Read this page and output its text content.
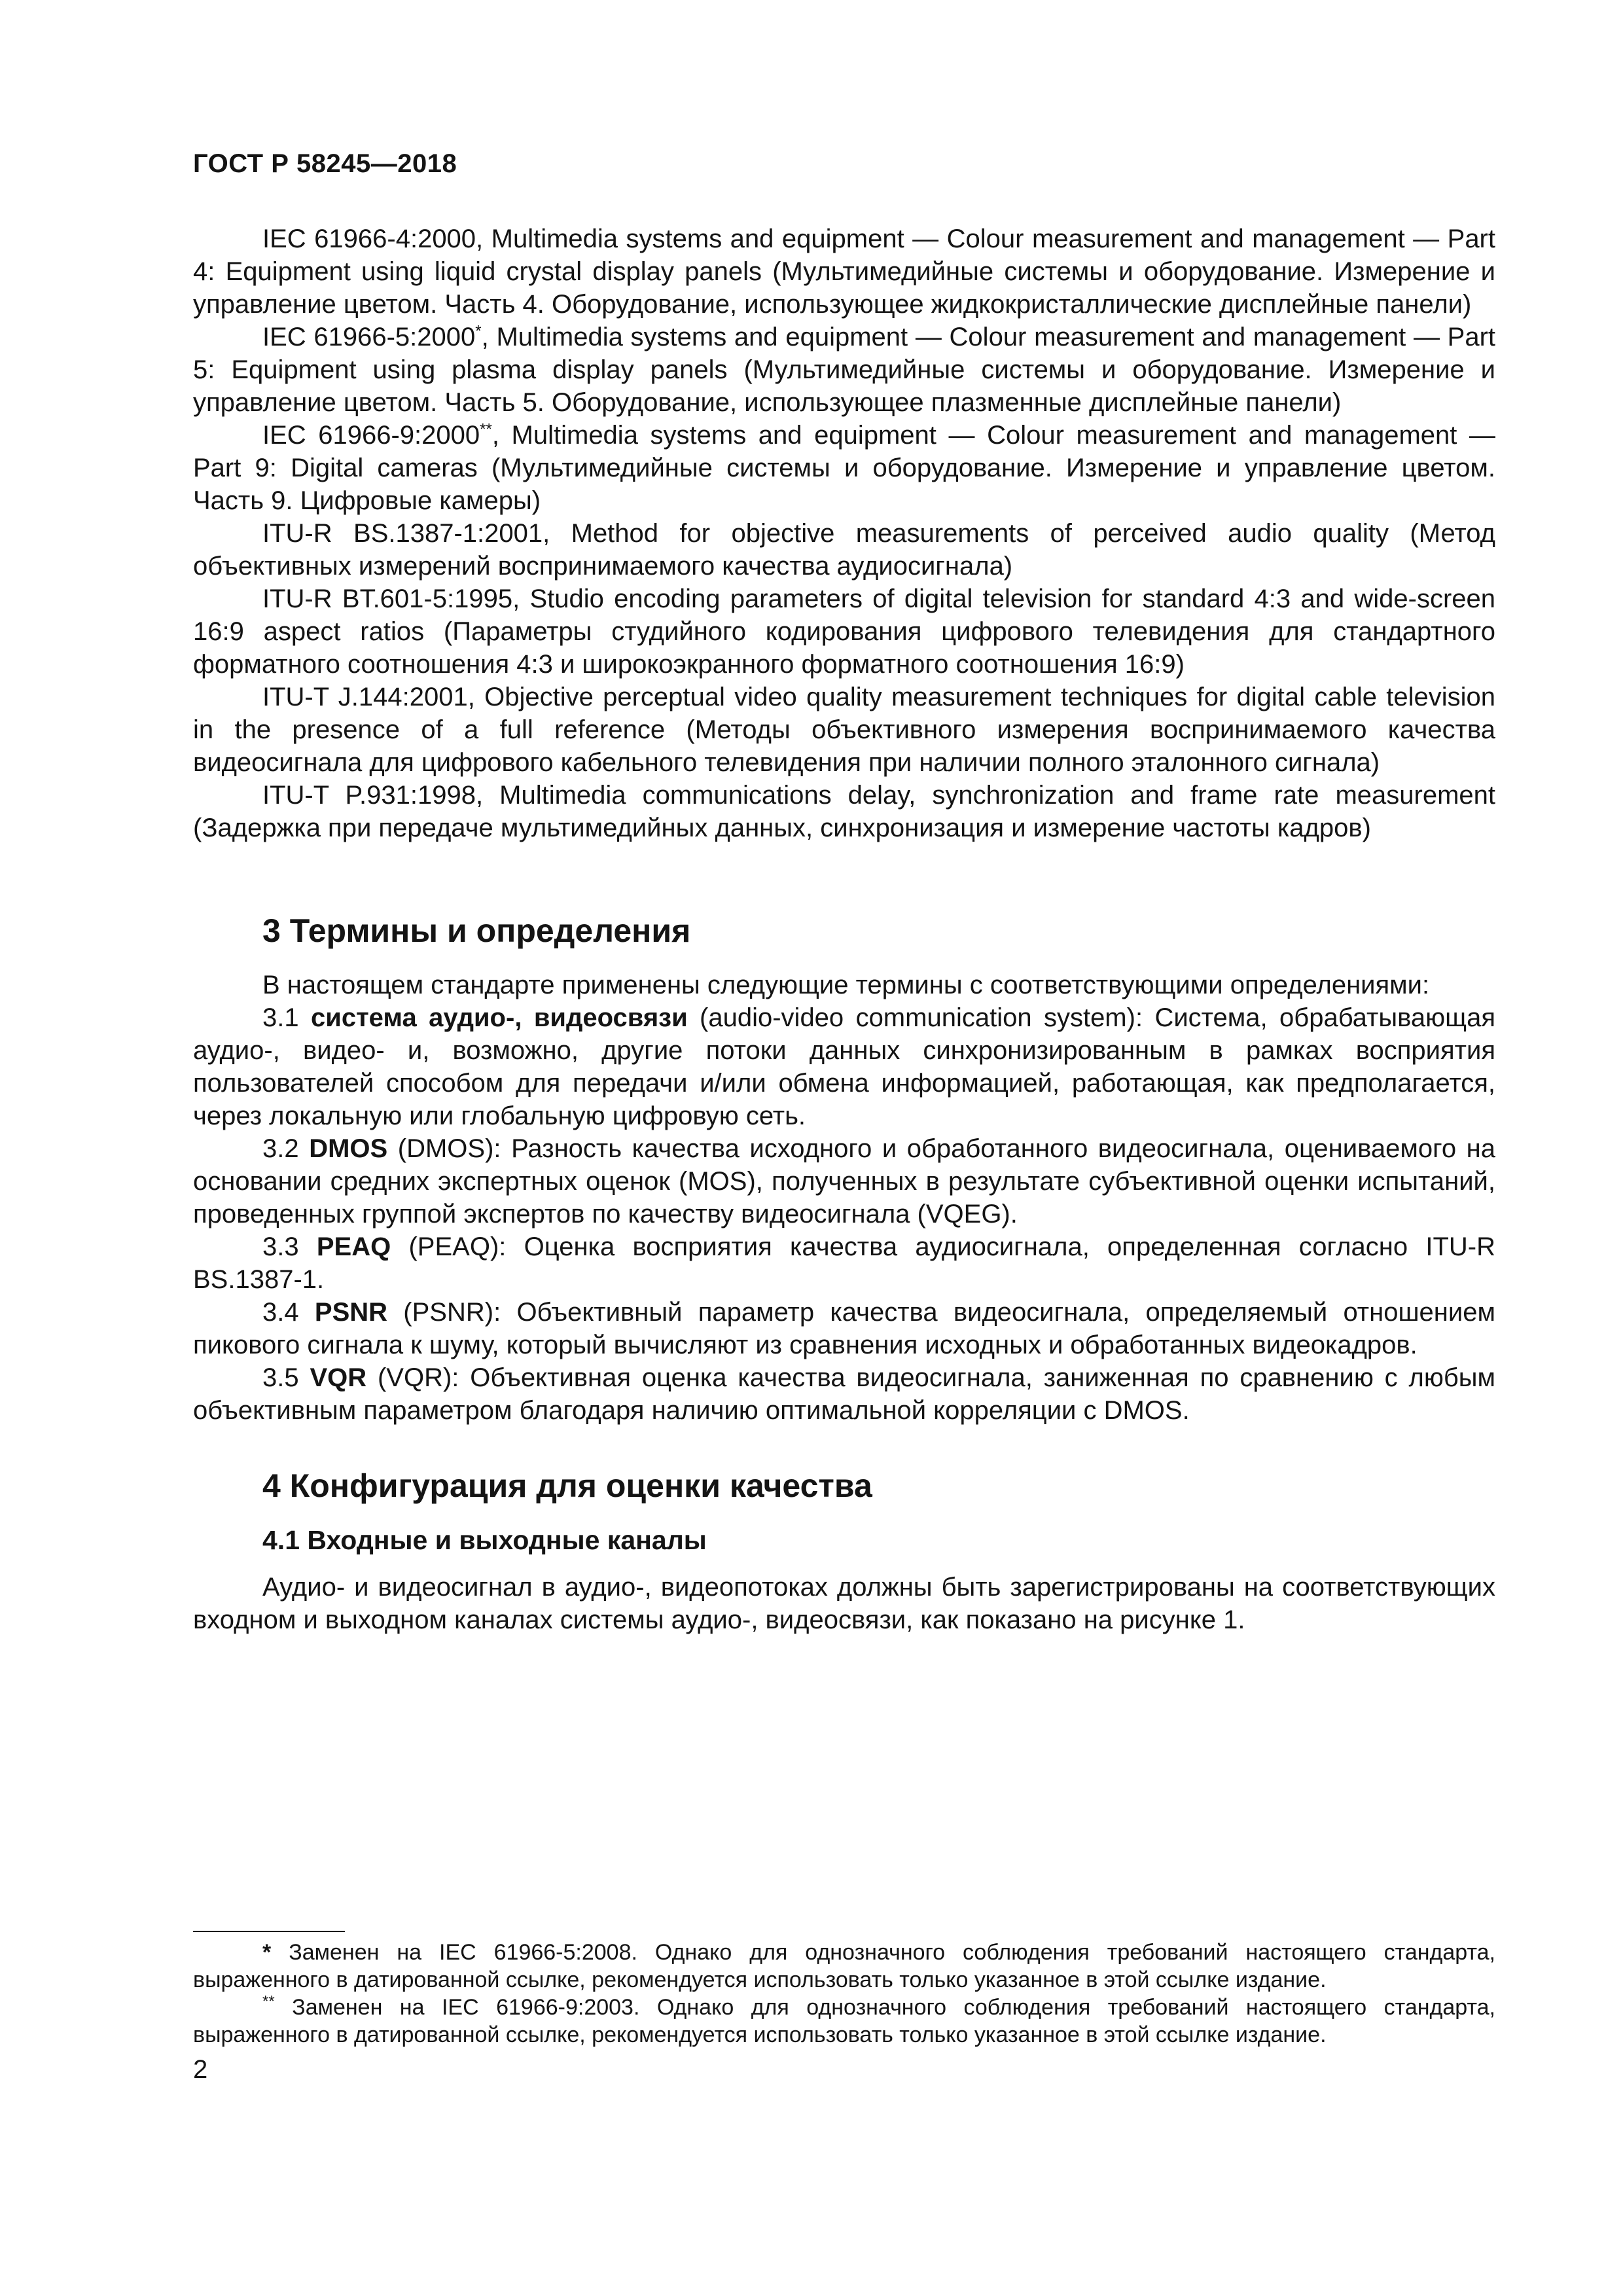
ГОСТ Р 58245—2018

IEC 61966-4:2000, Multimedia systems and equipment — Colour measurement and management — Part 4: Equipment using liquid crystal display panels (Мультимедийные системы и оборудование. Измерение и управление цветом. Часть 4. Оборудование, использующее жидкокристаллические дисплейные панели)

IEC 61966-5:2000*, Multimedia systems and equipment — Colour measurement and management — Part 5: Equipment using plasma display panels (Мультимедийные системы и оборудование. Измерение и управление цветом. Часть 5. Оборудование, использующее плазменные дисплейные панели)

IEC 61966-9:2000**, Multimedia systems and equipment — Colour measurement and management — Part 9: Digital cameras (Мультимедийные системы и оборудование. Измерение и управление цветом. Часть 9. Цифровые камеры)

ITU-R BS.1387-1:2001, Method for objective measurements of perceived audio quality (Метод объективных измерений воспринимаемого качества аудиосигнала)

ITU-R BT.601-5:1995, Studio encoding parameters of digital television for standard 4:3 and wide-screen 16:9 aspect ratios (Параметры студийного кодирования цифрового телевидения для стандартного форматного соотношения 4:3 и широкоэкранного форматного соотношения 16:9)

ITU-T J.144:2001, Objective perceptual video quality measurement techniques for digital cable television in the presence of a full reference (Методы объективного измерения воспринимаемого качества видеосигнала для цифрового кабельного телевидения при наличии полного эталонного сигнала)

ITU-T P.931:1998, Multimedia communications delay, synchronization and frame rate measurement (Задержка при передаче мультимедийных данных, синхронизация и измерение частоты кадров)

3 Термины и определения

В настоящем стандарте применены следующие термины с соответствующими определениями:

3.1 система аудио-, видеосвязи (audio-video communication system): Система, обрабатывающая аудио-, видео- и, возможно, другие потоки данных синхронизированным в рамках восприятия пользователей способом для передачи и/или обмена информацией, работающая, как предполагается, через локальную или глобальную цифровую сеть.

3.2 DMOS (DMOS): Разность качества исходного и обработанного видеосигнала, оцениваемого на основании средних экспертных оценок (MOS), полученных в результате субъективной оценки испытаний, проведенных группой экспертов по качеству видеосигнала (VQEG).

3.3 PEAQ (PEAQ): Оценка восприятия качества аудиосигнала, определенная согласно ITU-R BS.1387-1.

3.4 PSNR (PSNR): Объективный параметр качества видеосигнала, определяемый отношением пикового сигнала к шуму, который вычисляют из сравнения исходных и обработанных видеокадров.

3.5 VQR (VQR): Объективная оценка качества видеосигнала, заниженная по сравнению с любым объективным параметром благодаря наличию оптимальной корреляции с DMOS.

4 Конфигурация для оценки качества
4.1 Входные и выходные каналы

Аудио- и видеосигнал в аудио-, видеопотоках должны быть зарегистрированы на соответствующих входном и выходном каналах системы аудио-, видеосвязи, как показано на рисунке 1.

* Заменен на IEC 61966-5:2008. Однако для однозначного соблюдения требований настоящего стандарта, выраженного в датированной ссылке, рекомендуется использовать только указанное в этой ссылке издание.

** Заменен на IEC 61966-9:2003. Однако для однозначного соблюдения требований настоящего стандарта, выраженного в датированной ссылке, рекомендуется использовать только указанное в этой ссылке издание.

2
